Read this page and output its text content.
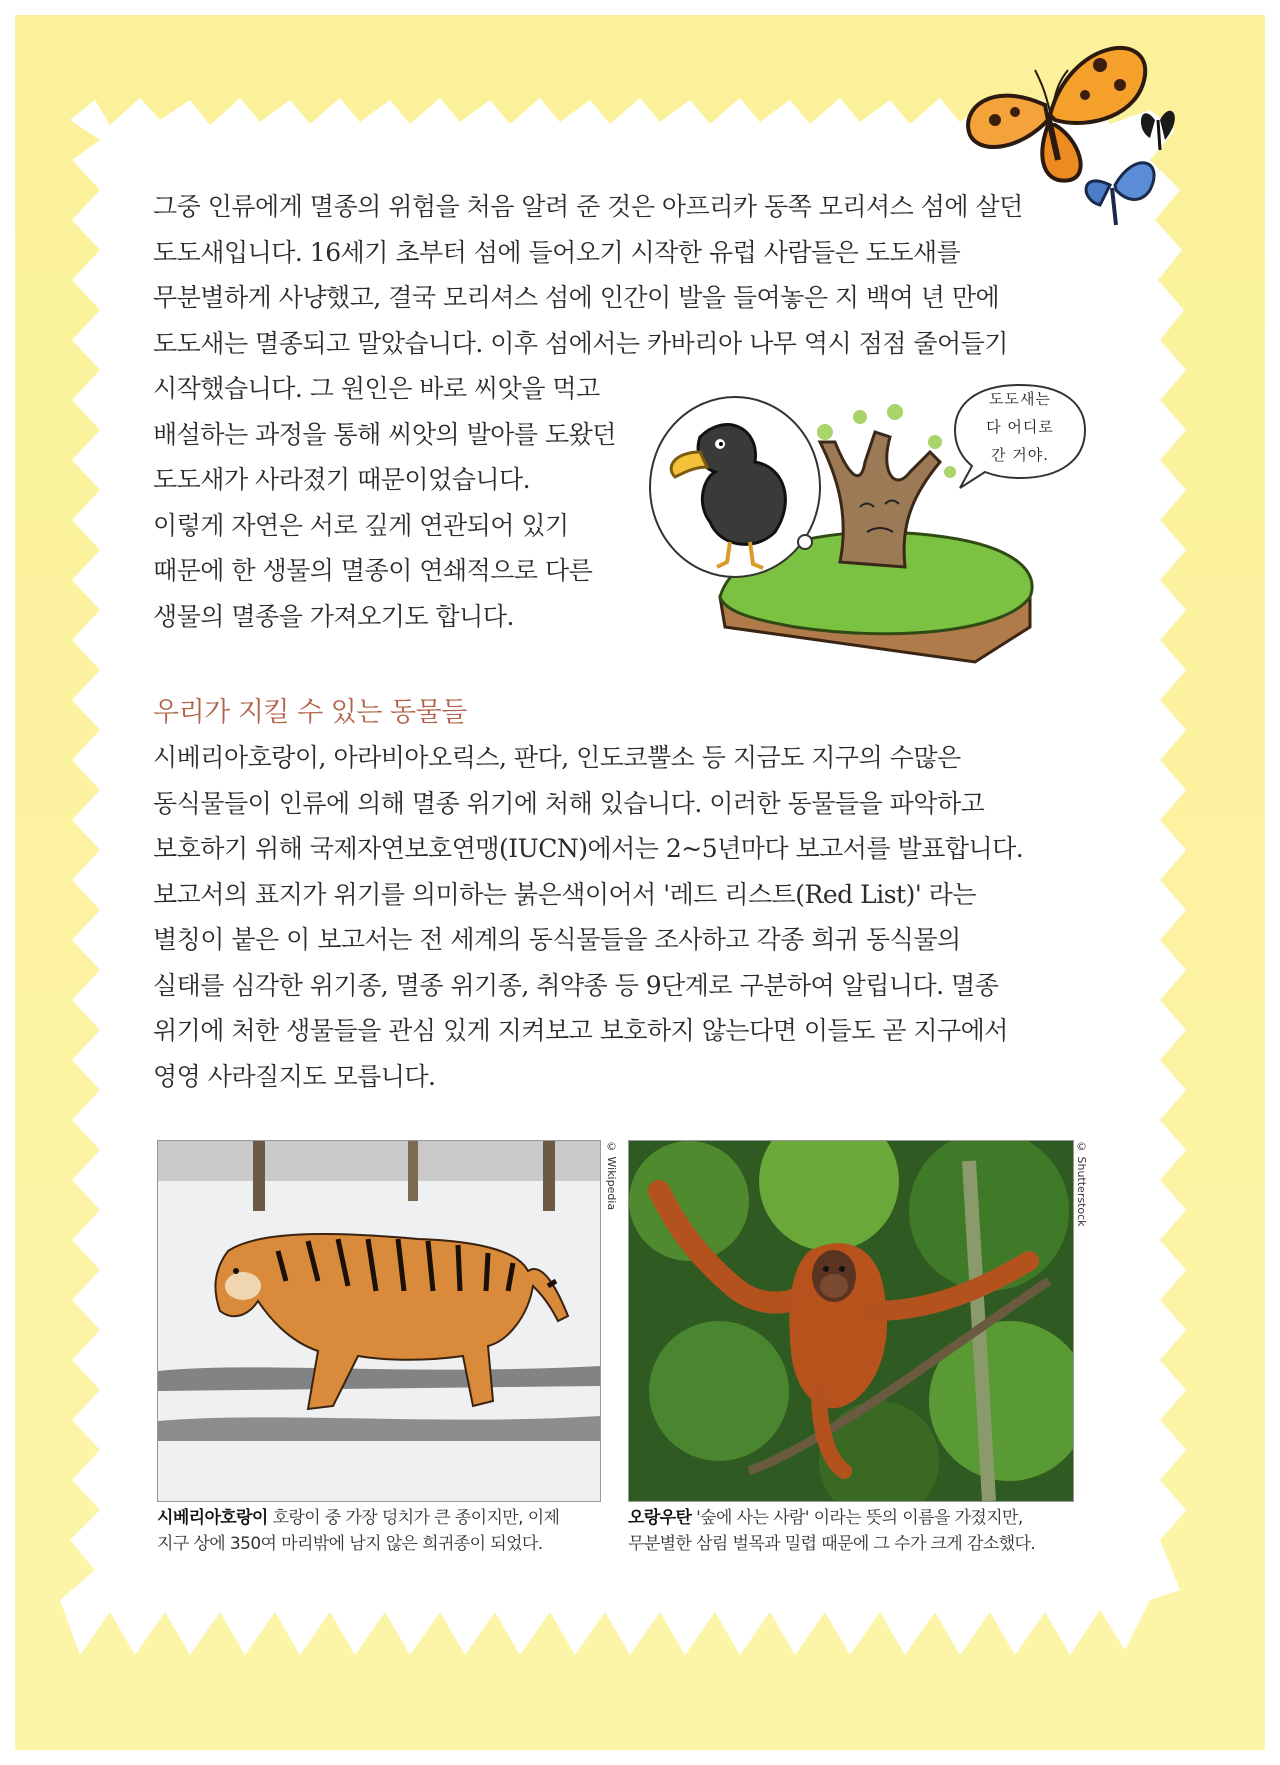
그중 인류에게 멸종의 위험을 처음 알려 준 것은 아프리카 동쪽 모리셔스 섬에 살던
도도새입니다. 16세기 초부터 섬에 들어오기 시작한 유럽 사람들은 도도새를
무분별하게 사냥했고, 결국 모리셔스 섬에 인간이 발을 들여놓은 지 백여 년 만에
도도새는 멸종되고 말았습니다. 이후 섬에서는 카바리아 나무 역시 점점 줄어들기
시작했습니다. 그 원인은 바로 씨앗을 먹고
배설하는 과정을 통해 씨앗의 발아를 도왔던
도도새가 사라졌기 때문이었습니다.
이렇게 자연은 서로 깊게 연관되어 있기
때문에 한 생물의 멸종이 연쇄적으로 다른
생물의 멸종을 가져오기도 합니다.

우리가 지킬 수 있는 동물들

시베리아호랑이, 아라비아오릭스, 판다, 인도코뿔소 등 지금도 지구의 수많은
동식물들이 인류에 의해 멸종 위기에 처해 있습니다. 이러한 동물들을 파악하고
보호하기 위해 국제자연보호연맹(IUCN)에서는 2~5년마다 보고서를 발표합니다.
보고서의 표지가 위기를 의미하는 붉은색이어서 '레드 리스트(Red List)' 라는
별칭이 붙은 이 보고서는 전 세계의 동식물들을 조사하고 각종 희귀 동식물의
실태를 심각한 위기종, 멸종 위기종, 취약종 등 9단계로 구분하여 알립니다. 멸종
위기에 처한 생물들을 관심 있게 지켜보고 보호하지 않는다면 이들도 곧 지구에서
영영 사라질지도 모릅니다.

도도새는
다 어디로
간 거야.
© Wikipedia	© Shutterstock
시베리아호랑이 호랑이 중 가장 덩치가 큰 종이지만, 이제
지구 상에 350여 마리밖에 남지 않은 희귀종이 되었다.
오랑우탄 '숲에 사는 사람' 이라는 뜻의 이름을 가졌지만,
무분별한 삼림 벌목과 밀렵 때문에 그 수가 크게 감소했다.
